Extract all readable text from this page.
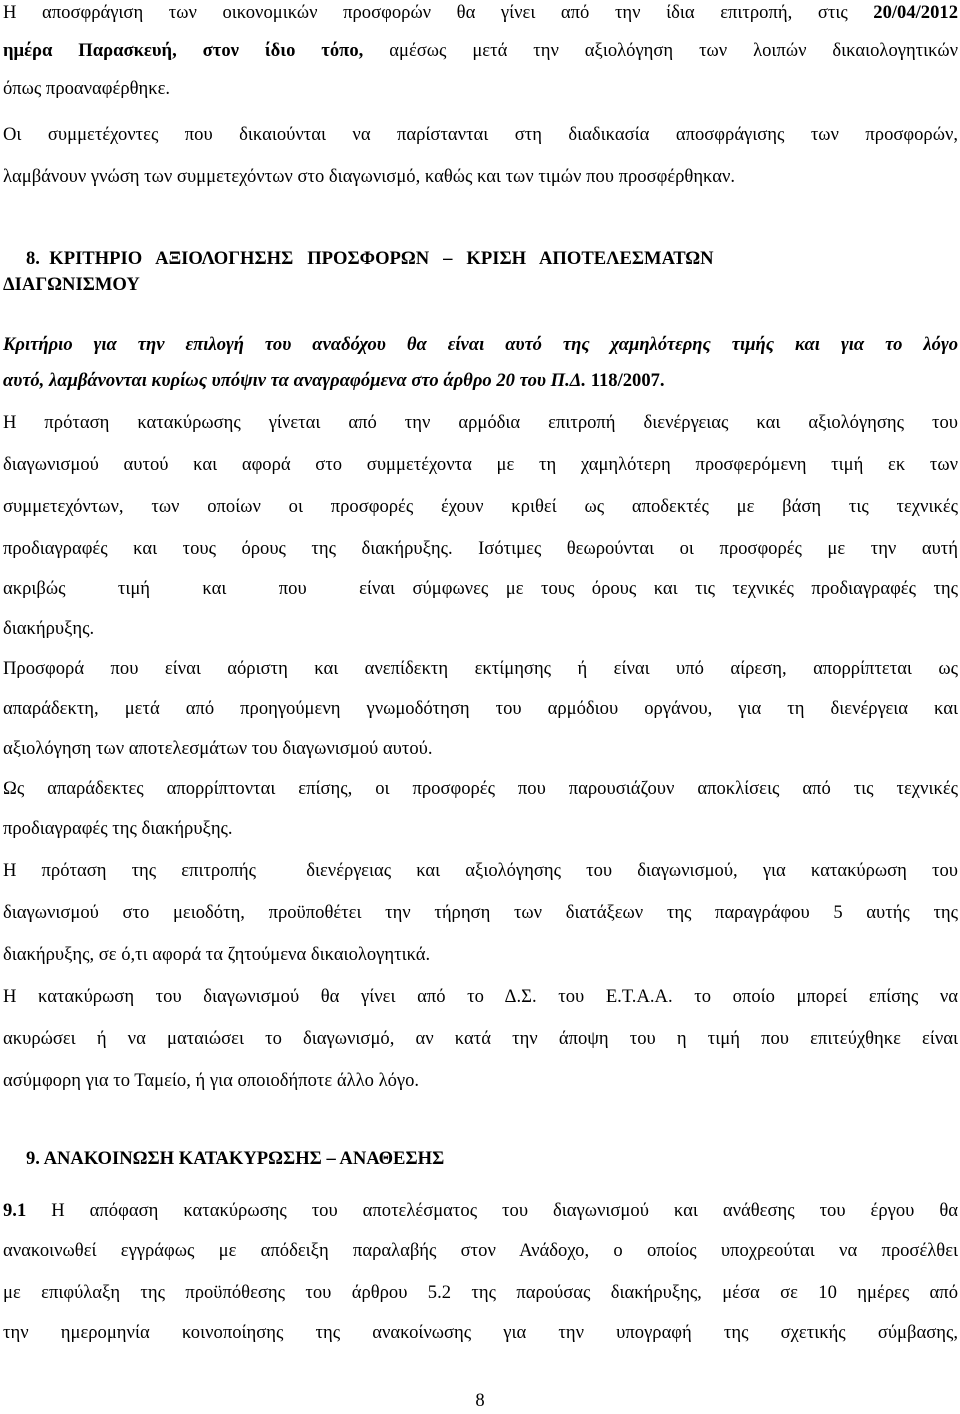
Η αποσφράγιση των οικονομικών προσφορών θα γίνει από την ίδια επιτροπή, στις 20/04/2012
ημέρα Παρασκευή, στον ίδιο τόπο, αμέσως μετά την αξιολόγηση των λοιπών δικαιολογητικών
όπως προαναφέρθηκε.
Οι συμμετέχοντες που δικαιούνται να παρίστανται στη διαδικασία αποσφράγισης των προσφορών,
λαμβάνουν γνώση των συμμετεχόντων στο διαγωνισμό, καθώς και των τιμών που προσφέρθηκαν.
8.  ΚΡΙΤΗΡΙΟ   ΑΞΙΟΛΟΓΗΣΗΣ   ΠΡΟΣΦΟΡΩΝ   –   ΚΡΙΣΗ   ΑΠΟΤΕΛΕΣΜΑΤΩΝ
ΔΙΑΓΩΝΙΣΜΟΥ
Κριτήριο για την επιλογή του αναδόχου θα είναι αυτό της χαμηλότερης τιμής και για το λόγο
αυτό, λαμβάνονται κυρίως υπόψιν τα αναγραφόμενα στο άρθρο 20 του Π.Δ. 118/2007.
Η πρόταση κατακύρωσης γίνεται από την αρμόδια επιτροπή διενέργειας και αξιολόγησης του
διαγωνισμού αυτού και αφορά στο συμμετέχοντα με τη χαμηλότερη προσφερόμενη τιμή εκ των
συμμετεχόντων, των οποίων οι προσφορές έχουν κριθεί ως αποδεκτές με βάση τις τεχνικές
προδιαγραφές και τους όρους της διακήρυξης. Ισότιμες θεωρούνται οι προσφορές με την αυτή
ακριβώς   τιμή   και   που   είναι σύμφωνες με τους όρους και τις τεχνικές προδιαγραφές της
διακήρυξης.
Προσφορά που είναι αόριστη και ανεπίδεκτη εκτίμησης ή είναι υπό αίρεση, απορρίπτεται ως
απαράδεκτη, μετά από προηγούμενη γνωμοδότηση του αρμόδιου οργάνου, για τη διενέργεια και
αξιολόγηση των αποτελεσμάτων του διαγωνισμού αυτού.
Ως απαράδεκτες απορρίπτονται επίσης, οι προσφορές που παρουσιάζουν αποκλίσεις από τις τεχνικές
προδιαγραφές της διακήρυξης.
Η πρόταση της επιτροπής  διενέργειας και αξιολόγησης του διαγωνισμού, για κατακύρωση του
διαγωνισμού στο μειοδότη, προϋποθέτει την τήρηση των διατάξεων της παραγράφου 5 αυτής της
διακήρυξης, σε ό,τι αφορά τα ζητούμενα δικαιολογητικά.
Η κατακύρωση του διαγωνισμού θα γίνει από το Δ.Σ. του Ε.Τ.Α.Α. το οποίο μπορεί επίσης να
ακυρώσει ή να ματαιώσει το διαγωνισμό, αν κατά την άποψη του η τιμή που επιτεύχθηκε είναι
ασύμφορη για το Ταμείο, ή για οποιοδήποτε άλλο λόγο.
9. ΑΝΑΚΟΙΝΩΣΗ ΚΑΤΑΚΥΡΩΣΗΣ – ΑΝΑΘΕΣΗΣ
9.1 Η απόφαση κατακύρωσης του αποτελέσματος του διαγωνισμού και ανάθεσης του έργου θα
ανακοινωθεί εγγράφως με απόδειξη παραλαβής στον Ανάδοχο, ο οποίος υποχρεούται να προσέλθει
με επιφύλαξη της προϋπόθεσης του άρθρου 5.2 της παρούσας διακήρυξης, μέσα σε 10 ημέρες από
την ημερομηνία κοινοποίησης της ανακοίνωσης για την υπογραφή της σχετικής σύμβασης,
8
